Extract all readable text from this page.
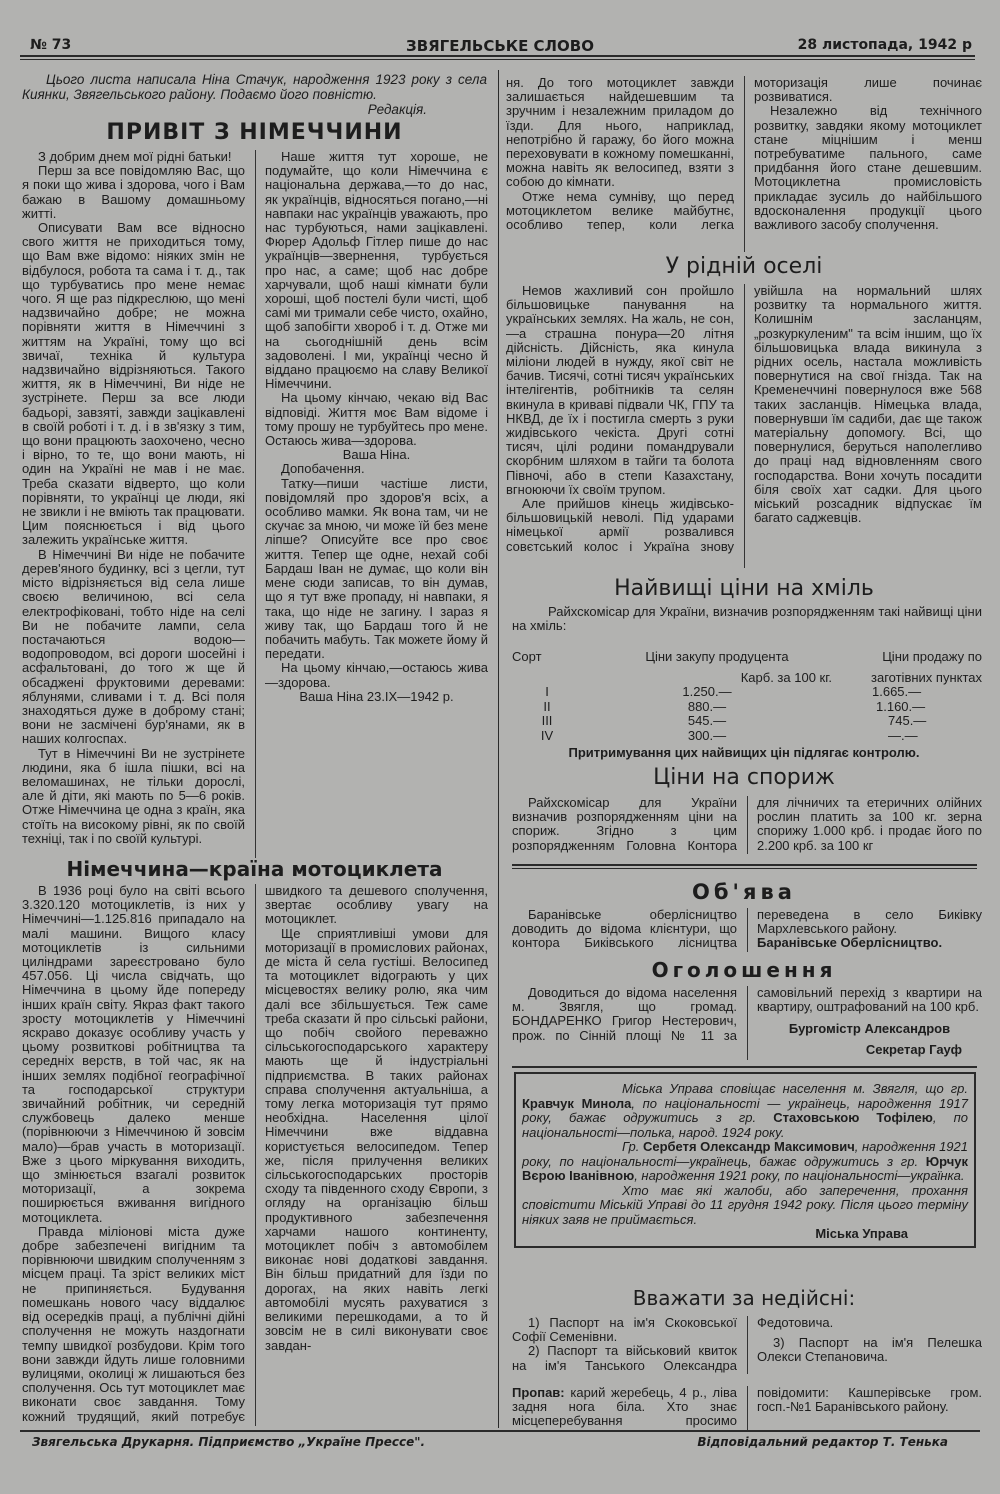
№ 73	ЗВЯГЕЛЬСЬКЕ СЛОВО	28 листопада, 1942 р

Цього листа написала Ніна Стачук, народження 1923 року з села Киянки, Звягельського району. Подаємо його повністю.

Редакція.

ПРИВІТ З НІМЕЧЧИНИ

З добрим днем мої рідні батьки!

Перш за все повідомляю Вас, що я поки що жива і здорова, чого і Вам бажаю в Вашому домашньому житті.

Описувати Вам все відносно свого життя не приходиться тому, що Вам вже відомо: ніяких змін не відбулося, робота та сама і т. д., так що турбуватись про мене немає чого. Я ще раз підкреслюю, що мені надзвичайно добре; не можна порівняти життя в Німеччині з життям на Україні, тому що всі звичаї, техніка й культура надзвичайно відрізняються. Такого життя, як в Німеччині, Ви ніде не зустрінете. Перш за все люди бадьорі, завзяті, завжди зацікавлені в своїй роботі і т. д. і в зв'язку з тим, що вони працюють заохочено, чесно і вірно, то те, що вони мають, ні один на Україні не мав і не має. Треба сказати відверто, що коли порівняти, то українці це люди, які не звикли і не вміють так працювати. Цим пояснюється і від цього залежить українське життя.

В Німеччині Ви ніде не побачите дерев'яного будинку, всі з цегли, тут місто відрізняється від села лише своєю величиною, всі села електрофіковані, тобто ніде на селі Ви не побачите лампи, села постачаються водою—водопроводом, всі дороги шосейні і асфальтовані, до того ж ще й обсаджені фруктовими деревами: яблунями, сливами і т. д. Всі поля знаходяться дуже в доброму стані; вони не засмічені бур'янами, як в наших колгоспах.

Тут в Німеччині Ви не зустрінете людини, яка б ішла пішки, всі на веломашинах, не тільки дорослі, але й діти, які мають по 5—6 років. Отже Німеччина це одна з країн, яка стоїть на високому рівні, як по своїй техніці, так і по своїй культурі.

Наше життя тут хороше, не подумайте, що коли Німеччина є національна держава,—то до нас, як українців, відносяться погано,—ні навпаки нас українців уважають, про нас турбуються, нами зацікавлені. Фюрер Адольф Гітлер пише до нас українців—звернення, турбується про нас, а саме; щоб нас добре харчували, щоб наші кімнати були хороші, щоб постелі були чисті, щоб самі ми тримали себе чисто, охайно, щоб запобігти хвороб і т. д. Отже ми на сьогоднішній день всім задоволені. І ми, українці чесно й віддано працюємо на славу Великої Німеччини.

На цьому кінчаю, чекаю від Вас відповіді. Життя моє Вам відоме і тому прошу не турбуйтесь про мене. Остаюсь жива—здорова.

Ваша Ніна.

Допобачення.

Татку—пиши частіше листи, повідомляй про здоров'я всіх, а особливо мамки. Як вона там, чи не скучає за мною, чи може їй без мене ліпше? Описуйте все про своє життя. Тепер ще одне, нехай собі Бардаш Іван не думає, що коли він мене сюди записав, то він думав, що я тут вже пропаду, ні навпаки, я така, що ніде не загину. І зараз я живу так, що Бардаш того й не побачить мабуть. Так можете йому й передати.

На цьому кінчаю,—остаюсь жива—здорова.

Ваша Ніна 23.IX—1942 р.

Німеччина—країна мотоциклета

В 1936 році було на світі всього 3.320.120 мотоциклетів, із них у Німеччині—1.125.816 припадало на малі машини. Вищого класу мотоциклетів із сильними циліндрами зареєстровано було 457.056. Ці числа свідчать, що Німеччина в цьому йде попереду інших країн світу. Якраз факт такого зросту мотоциклетів у Німеччині яскраво доказує особливу участь у цьому розвиткові робітництва та середніх верств, в той час, як на інших землях подібної географічної та господарської структури звичайний робітник, чи середній службовець далеко менше (порівнюючи з Німеччиною й зовсім мало)—брав участь в моторизації. Вже з цього міркування виходить, що змінюється взагалі розвиток моторизації, а зокрема поширюється вживання вигідного мотоциклета.

Правда міліонові міста дуже добре забезпечені вигідним та порівнюючи швидким сполученням з місцем праці. Та зріст великих міст не припиняється. Будування помешкань нового часу віддалює від осередків праці, а публічні дійні сполучення не можуть наздогнати темпу швидкої розбудови. Крім того вони завжди йдуть лише головними вулицями, околиці ж лишаються без сполучення. Ось тут мотоциклет має виконати своє завдання. Тому кожний трудящий, який потребує швидкого та дешевого сполучення, звертає особливу увагу на мотоциклет.

Ще сприятливіші умови для моторизації в промислових районах, де міста й села густіші. Велосипед та мотоциклет відограють у цих місцевостях велику ролю, яка чим далі все збільшується. Теж саме треба сказати й про сільські райони, що побіч свойого переважно сільськогосподарського характеру мають ще й індустріальні підприємства. В таких районах справа сполучення актуальніша, а тому легка моторизація тут прямо необхідна. Населення цілої Німеччини вже віддавна користується велосипедом. Тепер же, після прилучення великих сільськогосподарських просторів сходу та південного сходу Європи, з огляду на організацію більш продуктивного забезпечення харчами нашого континенту, мотоциклет побіч з автомобілем виконає нові додаткові завдання. Він більш придатний для їзди по дорогах, на яких навіть легкі автомобілі мусять рахуватися з великими перешкодами, а то й зовсім не в силі виконувати своє завдан-

ня. До того мотоциклет завжди залишається найдешевшим та зручним і незалежним приладом до їзди. Для нього, наприклад, непотрібно й гаражу, бо його можна переховувати в кожному помешканні, можна навіть як велосипед, взяти з собою до кімнати.

Отже нема сумніву, що перед мотоциклетом велике майбутнє, особливо тепер, коли легка моторизація лише починає розвиватися.

Незалежно від технічного розвитку, завдяки якому мотоциклет стане міцнішим і менш потребуватиме пального, саме придбання його стане дешевшим. Мотоциклетна промисловість прикладає зусиль до найбільшого вдосконалення продукції цього важливого засобу сполучення.

У рідній оселі

Немов жахливий сон пройшло більшовицьке панування на українських землях. На жаль, не сон,—а страшна понура—20 літня дійсність. Дійсність, яка кинула міліони людей в нужду, якої світ не бачив. Тисячі, сотні тисяч українських інтелігентів, робітників та селян вкинула в криваві підвали ЧК, ГПУ та НКВД, де їх і постигла смерть з руки жидівського чекіста. Другі сотні тисяч, цілі родини помандрували скорбним шляхом в тайги та болота Півночі, або в степи Казахстану, вгноюючи їх своїм трупом.

Але прийшов кінець жидівсько-більшовицькій неволі. Під ударами німецької армії розвалився совєтський колос і Україна знову увійшла на нормальний шлях розвитку та нормального життя. Колишнім засланцям, „розкуркуленим" та всім іншим, що їх більшовицька влада викинула з рідних осель, настала можливість повернутися на свої гнізда. Так на Кременеччині повернулося вже 568 таких засланців. Німецька влада, повернувши їм садиби, дає ще також матеріальну допомогу. Всі, що повернулися, беруться наполегливо до праці над відновленням свого господарства. Вони хочуть посадити біля своїх хат садки. Для цього міський розсадник відпускає їм багато саджевців.

Найвищі ціни на хміль

Райхскомісар для України, визначив розпорядженням такі найвищі ціни на хміль:

Сорт	Ціни закупу продуцента	Ціни продажу по
	Карб. за 100 кг.	заготівних пунктах
I	1.250.—	1.665.—
II	880.—	1.160.—
III	545.—	745.—
IV	300.—	—.—
Притримування цих найвищих цін підлягає контролю.
Ціни на спориж

Райхскомісар для України визначив розпорядженням ціни на спориж. Згідно з цим розпорядженням Головна Контора для лічничих та етеричних олійних рослин платить за 100 кг. зерна спорижу 1.000 крб. і продає його по 2.200 крб. за 100 кг

Об'ява

Баранівське оберлісництво доводить до відома клієнтури, що контора Биківського лісництва переведена в село Биківку Мархлевського району.

Баранівське Оберлісництво.

Оголошення

Доводиться до відома населення м. Звягля, що громад. БОНДАРЕНКО Григор Нестерович, прож. по Сінній площі № 11 за самовільний перехід з квартири на квартиру, оштрафований на 100 крб.

Бургомістр Александров

Секретар Гауф

Міська Управа сповіщає населення м. Звягля, що гр. Кравчук Минола, по національності — українець, народження 1917 року, бажає одружитись з гр. Стаховською Тофілею, по національності—полька, народ. 1924 року.

Гр. Сербетя Олександр Максимович, народження 1921 року, по національності—українець, бажає одружитись з гр. Юрчук Вєрою Іванівною, народження 1921 року, по національності—українка.

Хто має які жалоби, або заперечення, прохання сповістити Міській Управі до 11 грудня 1942 року. Після цього терміну ніяких заяв не приймається.

Міська Управа

Вважати за недійсні:

1) Паспорт на ім'я Скоковської Софії Семенівни.

2) Паспорт та військовий квиток на ім'я Танського Олександра Федотовича.

3) Паспорт на ім'я Пелешка Олекси Степановича.

Пропав: карий жеребець, 4 р., ліва задня нога біла. Хто знає місцеперебування просимо повідомити: Кашперівське гром. госп.-№1 Баранівського району.

Звягельська Друкарня. Підприємство „Україне Прессе".	Відповідальний редактор Т. Тенька
